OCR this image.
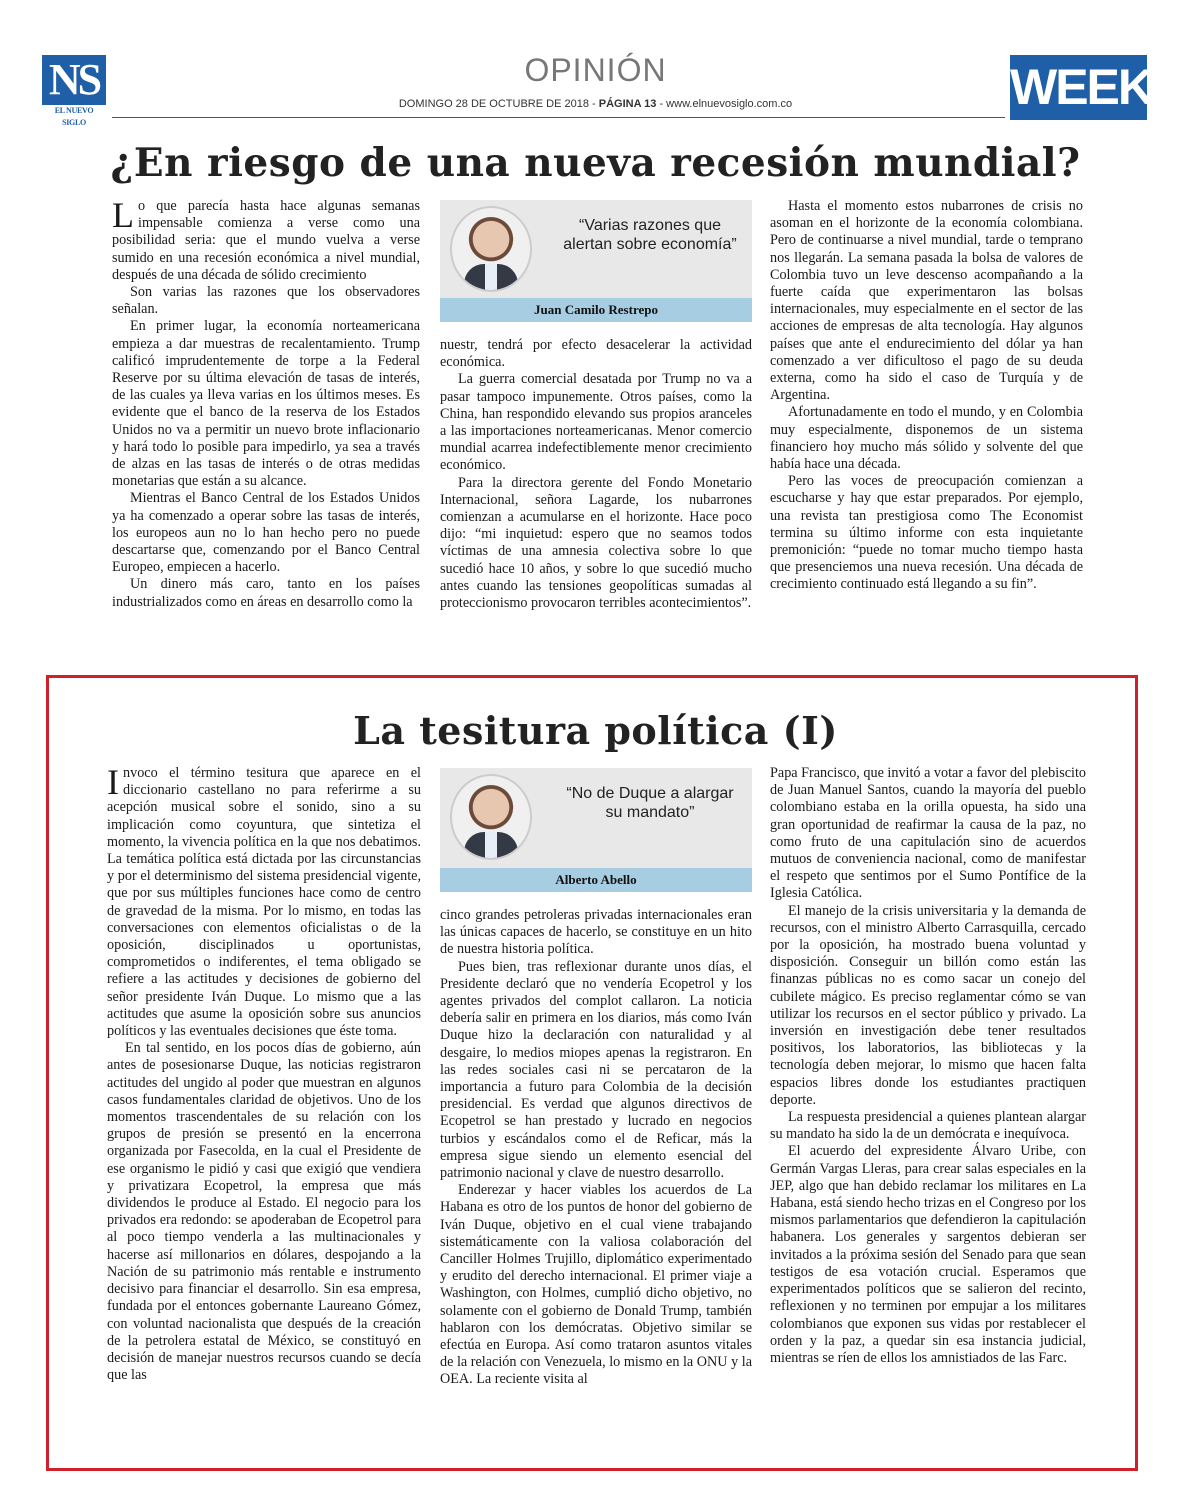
NS
EL NUEVO SIGLO
OPINIÓN
DOMINGO 28 DE OCTUBRE DE 2018 - PÁGINA 13 - www.elnuevosiglo.com.co	WEEK
¿En riesgo de una nueva recesión mundial?

Lo que parecía hasta hace algunas semanas impensable comienza a verse como una posibilidad seria: que el mundo vuelva a verse sumido en una recesión económica a nivel mundial, después de una década de sólido crecimiento

Son varias las razones que los observadores señalan.

En primer lugar, la economía norteamericana empieza a dar muestras de recalentamiento. Trump calificó imprudentemente de torpe a la Federal Reserve por su última elevación de tasas de interés, de las cuales ya lleva varias en los últimos meses. Es evidente que el banco de la reserva de los Estados Unidos no va a permitir un nuevo brote inflacionario y hará todo lo posible para impedirlo, ya sea a través de alzas en las tasas de interés o de otras medidas monetarias que están a su alcance.

Mientras el Banco Central de los Estados Unidos ya ha comenzado a operar sobre las tasas de interés, los europeos aun no lo han hecho pero no puede descartarse que, comenzando por el Banco Central Europeo, empiecen a hacerlo.

Un dinero más caro, tanto en los países industrializados como en áreas en desarrollo como la

“Varias razones que alertan sobre economía”
Juan Camilo Restrepo

nuestr, tendrá por efecto desacelerar la actividad económica.

La guerra comercial desatada por Trump no va a pasar tampoco impunemente. Otros países, como la China, han respondido elevando sus propios aranceles a las importaciones norteamericanas. Menor comercio mundial acarrea indefectiblemente menor crecimiento económico.

Para la directora gerente del Fondo Monetario Internacional, señora Lagarde, los nubarrones comienzan a acumularse en el horizonte. Hace poco dijo: “mi inquietud: espero que no seamos todos víctimas de una amnesia colectiva sobre lo que sucedió hace 10 años, y sobre lo que sucedió mucho antes cuando las tensiones geopolíticas sumadas al proteccionismo provocaron terribles acontecimientos”.

Hasta el momento estos nubarrones de crisis no asoman en el horizonte de la economía colombiana. Pero de continuarse a nivel mundial, tarde o temprano nos llegarán. La semana pasada la bolsa de valores de Colombia tuvo un leve descenso acompañando a la fuerte caída que experimentaron las bolsas internacionales, muy especialmente en el sector de las acciones de empresas de alta tecnología. Hay algunos países que ante el endurecimiento del dólar ya han comenzado a ver dificultoso el pago de su deuda externa, como ha sido el caso de Turquía y de Argentina.

Afortunadamente en todo el mundo, y en Colombia muy especialmente, disponemos de un sistema financiero hoy mucho más sólido y solvente del que había hace una década.

Pero las voces de preocupación comienzan a escucharse y hay que estar preparados. Por ejemplo, una revista tan prestigiosa como The Economist termina su último informe con esta inquietante premonición: “puede no tomar mucho tiempo hasta que presenciemos una nueva recesión. Una década de crecimiento continuado está llegando a su fin”.

La tesitura política (I)

Invoco el término tesitura que aparece en el diccionario castellano no para referirme a su acepción musical sobre el sonido, sino a su implicación como coyuntura, que sintetiza el momento, la vivencia política en la que nos debatimos. La temática política está dictada por las circunstancias y por el determinismo del sistema presidencial vigente, que por sus múltiples funciones hace como de centro de gravedad de la misma. Por lo mismo, en todas las conversaciones con elementos oficialistas o de la oposición, disciplinados u oportunistas, comprometidos o indiferentes, el tema obligado se refiere a las actitudes y decisiones de gobierno del señor presidente Iván Duque. Lo mismo que a las actitudes que asume la oposición sobre sus anuncios políticos y las eventuales decisiones que éste toma.

En tal sentido, en los pocos días de gobierno, aún antes de posesionarse Duque, las noticias registraron actitudes del ungido al poder que muestran en algunos casos fundamentales claridad de objetivos. Uno de los momentos trascendentales de su relación con los grupos de presión se presentó en la encerrona organizada por Fasecolda, en la cual el Presidente de ese organismo le pidió y casi que exigió que vendiera y privatizara Ecopetrol, la empresa que más dividendos le produce al Estado. El negocio para los privados era redondo: se apoderaban de Ecopetrol para al poco tiempo venderla a las multinacionales y hacerse así millonarios en dólares, despojando a la Nación de su patrimonio más rentable e instrumento decisivo para financiar el desarrollo. Sin esa empresa, fundada por el entonces gobernante Laureano Gómez, con voluntad nacionalista que después de la creación de la petrolera estatal de México, se constituyó en decisión de manejar nuestros recursos cuando se decía que las

“No de Duque a alargar su mandato”
Alberto Abello

cinco grandes petroleras privadas internacionales eran las únicas capaces de hacerlo, se constituye en un hito de nuestra historia política.

Pues bien, tras reflexionar durante unos días, el Presidente declaró que no vendería Ecopetrol y los agentes privados del complot callaron. La noticia debería salir en primera en los diarios, más como Iván Duque hizo la declaración con naturalidad y al desgaire, lo medios miopes apenas la registraron. En las redes sociales casi ni se percataron de la importancia a futuro para Colombia de la decisión presidencial. Es verdad que algunos directivos de Ecopetrol se han prestado y lucrado en negocios turbios y escándalos como el de Reficar, más la empresa sigue siendo un elemento esencial del patrimonio nacional y clave de nuestro desarrollo.

Enderezar y hacer viables los acuerdos de La Habana es otro de los puntos de honor del gobierno de Iván Duque, objetivo en el cual viene trabajando sistemáticamente con la valiosa colaboración del Canciller Holmes Trujillo, diplomático experimentado y erudito del derecho internacional. El primer viaje a Washington, con Holmes, cumplió dicho objetivo, no solamente con el gobierno de Donald Trump, también hablaron con los demócratas. Objetivo similar se efectúa en Europa. Así como trataron asuntos vitales de la relación con Venezuela, lo mismo en la ONU y la OEA. La reciente visita al

Papa Francisco, que invitó a votar a favor del plebiscito de Juan Manuel Santos, cuando la mayoría del pueblo colombiano estaba en la orilla opuesta, ha sido una gran oportunidad de reafirmar la causa de la paz, no como fruto de una capitulación sino de acuerdos mutuos de conveniencia nacional, como de manifestar el respeto que sentimos por el Sumo Pontífice de la Iglesia Católica.

El manejo de la crisis universitaria y la demanda de recursos, con el ministro Alberto Carrasquilla, cercado por la oposición, ha mostrado buena voluntad y disposición. Conseguir un billón como están las finanzas públicas no es como sacar un conejo del cubilete mágico. Es preciso reglamentar cómo se van utilizar los recursos en el sector público y privado. La inversión en investigación debe tener resultados positivos, los laboratorios, las bibliotecas y la tecnología deben mejorar, lo mismo que hacen falta espacios libres donde los estudiantes practiquen deporte.

La respuesta presidencial a quienes plantean alargar su mandato ha sido la de un demócrata e inequívoca.

El acuerdo del expresidente Álvaro Uribe, con Germán Vargas Lleras, para crear salas especiales en la JEP, algo que han debido reclamar los militares en La Habana, está siendo hecho trizas en el Congreso por los mismos parlamentarios que defendieron la capitulación habanera. Los generales y sargentos debieran ser invitados a la próxima sesión del Senado para que sean testigos de esa votación crucial. Esperamos que experimentados políticos que se salieron del recinto, reflexionen y no terminen por empujar a los militares colombianos que exponen sus vidas por restablecer el orden y la paz, a quedar sin esa instancia judicial, mientras se ríen de ellos los amnistiados de las Farc.
